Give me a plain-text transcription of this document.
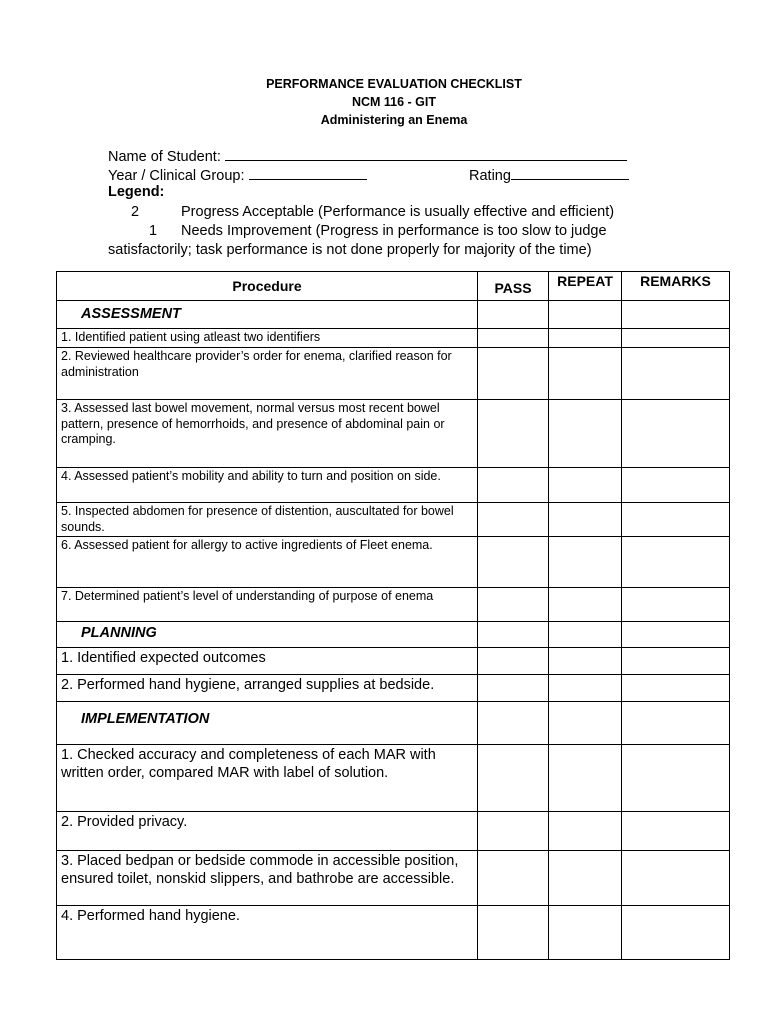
PERFORMANCE EVALUATION CHECKLIST
NCM 116 - GIT
Administering an Enema
Name of Student:
Year / Clinical Group:	Rating
Legend:
2	Progress Acceptable (Performance is usually effective and efficient)
1 Needs Improvement (Progress in performance is too slow to judge
satisfactorily; task performance is not done properly for majority of the time)
Procedure	PASS	REPEAT	REMARKS
ASSESSMENT			
1. Identified patient using atleast two identifiers			
2. Reviewed healthcare provider’s order for enema, clarified reason for administration			
3. Assessed last bowel movement, normal versus most recent bowel pattern, presence of hemorrhoids, and presence of abdominal pain or cramping.			
4. Assessed patient’s mobility and ability to turn and position on side.			
5. Inspected abdomen for presence of distention, auscultated for bowel sounds.			
6. Assessed patient for allergy to active ingredients of Fleet enema.			
7. Determined patient’s level of understanding of purpose of enema			
PLANNING			
1. Identified expected outcomes			
2. Performed hand hygiene, arranged supplies at bedside.			
IMPLEMENTATION			
1. Checked accuracy and completeness of each MAR with written order, compared MAR with label of solution.			
2. Provided privacy.			
3. Placed bedpan or bedside commode in accessible position, ensured toilet, nonskid slippers, and bathrobe are accessible.			
4. Performed hand hygiene.			
